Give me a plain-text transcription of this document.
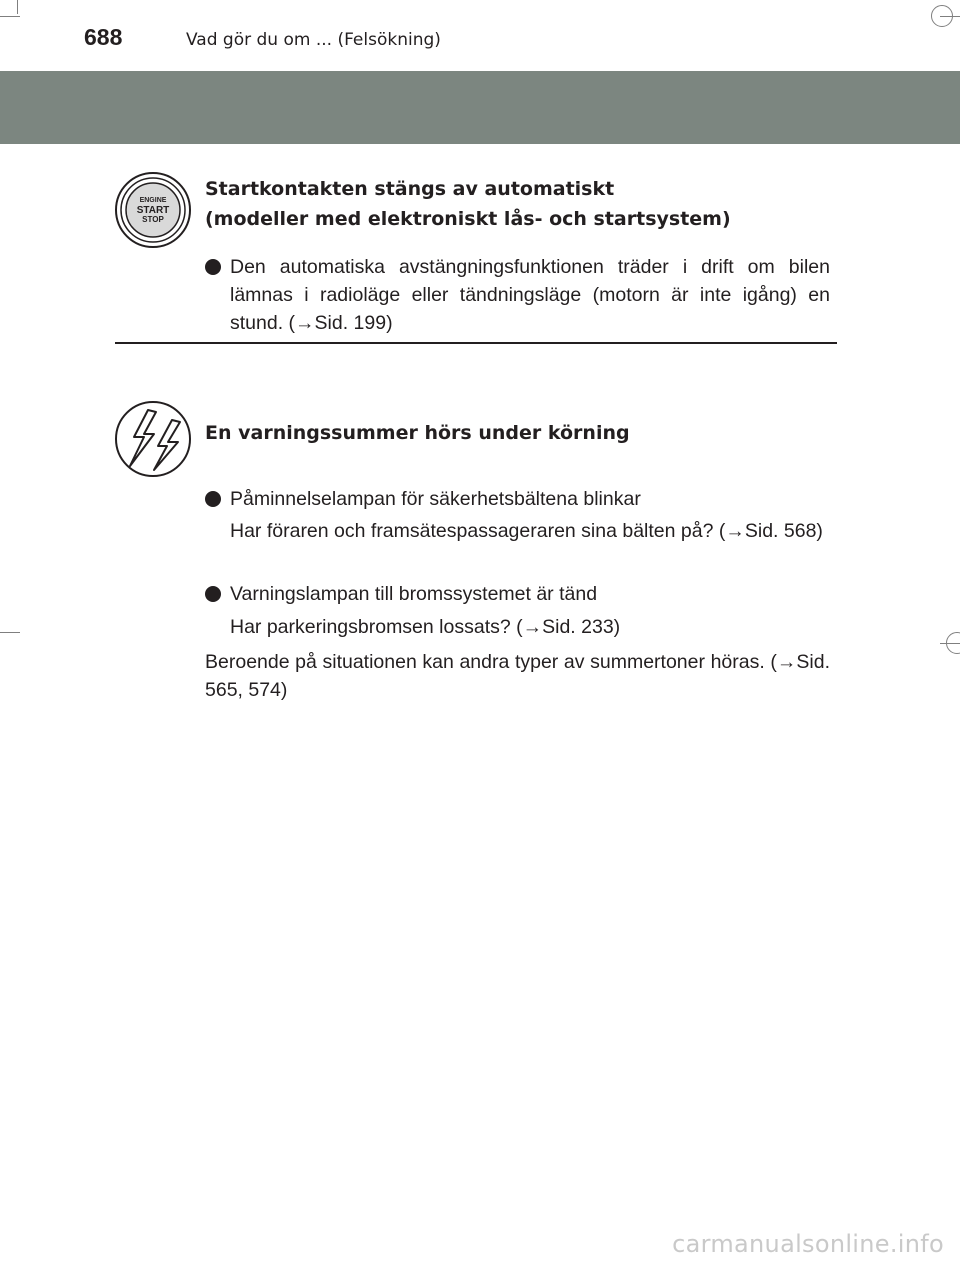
688	Vad gör du om ... (Felsökning)
ENGINE
START
STOP
Startkontakten stängs av automatiskt
(modeller med elektroniskt lås- och startsystem)
Den automatiska avstängningsfunktionen träder i drift om bilen lämnas i radioläge eller tändningsläge (motorn är inte igång) en stund. (→Sid. 199)
En varningssummer hörs under körning
Påminnelselampan för säkerhetsbältena blinkar
Har föraren och framsätespassageraren sina bälten på? (→Sid. 568)
Varningslampan till bromssystemet är tänd
Har parkeringsbromsen lossats? (→Sid. 233)
Beroende på situationen kan andra typer av summertoner höras. (→Sid. 565, 574)
carmanualsonline.info
